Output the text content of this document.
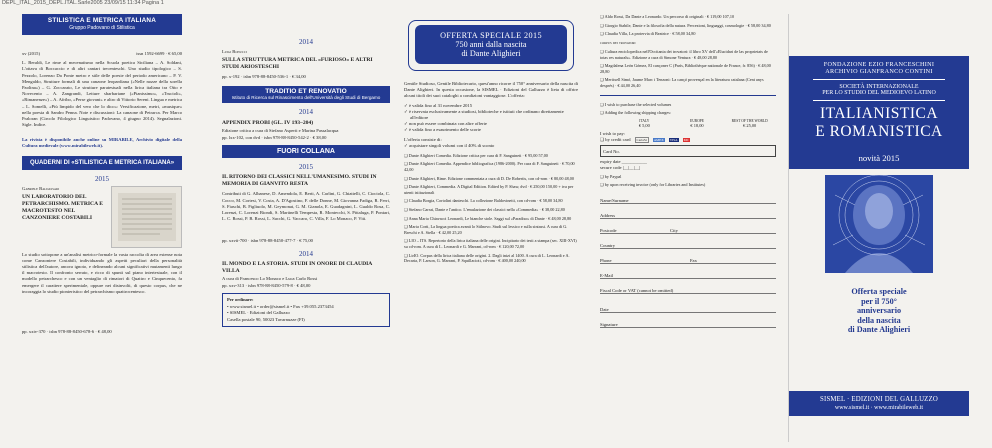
DEPL_ITAL_2015_DEPL.ITAL.Sarle2005 23/09/15 11:34 Pagina 1
STILISTICA E METRICA ITALIANA
Gruppo Padovano di Stilistica
xv (2015)	issn 1592-6699 · € 65,00

L. Beraldi, Le rime al mecenatismo nella Scuola poetica Siciliana – A. Soldani, L'ottava di Boccaccio e di altri cantari trecenteschi. Uno studio tipologico – S. Pezzolo, Lorenzo Da Ponte metro e stile delle poesie del periodo americano – P. V. Mengaldo, Strutture formali di una canzone leopardiana («Nelle nozze della sorella Paolina») – G. Zoccarato, Le strutture paratestuali nella lirica italiana tra Otto e Novecento – A. Zangrandi, Letture sbarbariane («Pianissimo», «Trucioli», «Rimanenze») – A. Afribo, «Perse giovani» e altro di Vittorio Sereni. Lingua e metrica – L. Somelli, «Più limpido del vero che lo dico»: Versificazione, metri, «musique» nella poesia di Sandro Penna. Note e discussioni: La canzone di Petrarca. Per Marco Praloran (Circolo Filologico Linguistico Padovano, 4 giugno 2014). Segnalazioni. Sigle. Indice.

La rivista è disponibile anche online su MIRABILE, Archivio digitale della Cultura medievale (www.mirabileweb.it).

QUADERNI DI «STILISTICA E METRICA ITALIANA»
2015
Gabriele Baldassari
UN LABORATORIO DEL PETRARCHISMO. METRICA E MACROTESTO NEL CANZONIERE COSTABILI

Lo studio sottopone a un'analisi metrico-formale la vasta raccolta di area estense nota come Canzoniere Costabili, individuando gli aspetti peculiari della personalità stilistica dell'autore, ancora ignoto, e delineando alcuni significativi mutamenti lungo il macrotesto. Il confronto serrato, e ricco di spunti sul piano intertestuale, con il modello petrarchesco e con un ventaglio di rimatori di Quattro e Cinquecento, fa emergere il carattere sperimentale, oppure nei disinvolti, di questo corpus, che ne incoraggia lo studio pionieristico del petrarchismo quattrocentesco.

pp. xxiv-370 · isbn 978-88-8450-678-6 · € 48,00

2014
Luigi Bonucci
SULLA STRUTTURA METRICA DEL «FURIOSO» E ALTRI STUDI ARIOSTESCHI
pp. x-192 · isbn 978-88-8450-536-1 · € 34,00
TRADITIO ET RENOVATIO
Istituto di Ricerca sul Rinascimento dell'Università degli Studi di Bergamo
2014
APPENDIX PROBI (GL. IV 193–204)
Edizione critica a cura di Stefano Asperti e Marina Passalacqua
pp. lxx-102, con dvd · isbn 978-88-8450-542-2 · € 38,00
FUORI COLLANA
2015
IL RITORNO DEI CLASSICI NELL'UMANESIMO. STUDI IN MEMORIA DI GIANVITO RESTA

Contributi di G. Albanese, D. Amendola, E. Berti, A. Carlini, G. Chiattelli, C. Ciociola, C. Cocco, M. Cortesi, V. Costa, A. D'Agostino, F. delle Donne, M. Giovanna Fadiga, R. Ferri, S. Fiaschi, B. Figliuolo, M. Geymonat, G. M. Gianola, E. Guadagnini, L. Gualdo Rosa, C. Lorenzi, C. Lorenzi Biondi, S. Martinelli Tempesta, R. Montecchi, S. Pittaluga, P. Pontari, L. C. Rossi, P. B. Rossi, L. Sacchi, G. Vaccaro, C. Villa, F. Lo Monaco, P. Viti.

pp. xxvii-700 · isbn 978-88-8450-477-7 · € 75,00
2014
IL MONDO E LA STORIA. STUDI IN ONORE DI CLAUDIA VILLA
A cura di Francesco Lo Monaco e Luca Carlo Rossi
pp. xxv-313 · isbn 978-88-8450-579-8 · € 48,00
Per ordinare:
• www.sismel.it • order@sismel.it • Fax +39.055.2373454
• SISMEL · Edizioni del Galluzzo
Casella postale 90, 50023 Tavarnuzze (FI)
OFFERTA SPECIALE 2015
750 anni dalla nascita
di Dante Alighieri

Gentile Studioso, Gentile Bibliotecario, quest'anno ricorre il 750° anniversario della nascita di Dante Alighieri. In questa occasione, la SISMEL · Edizioni del Galluzzo è lieta di offrire alcuni titoli dei suoi cataloghi a condizioni vantaggiose. L'offerta:

✓ è valida fino al 31 novembre 2015
✓ è riservata esclusivamente a studiosi, biblioteche e istituti che ordinano direttamente all'editore
✓ non può essere combinata con altre offerte
✓ è valida fino a esaurimento delle scorte
L'offerta consiste di:
✓ acquistare singoli volumi con il 40% di sconto
❑ Dante Alighieri Comedia. Edizione critica per cura di F. Sanguineti · € 95,00 57,00
❑ Dante Alighieri Comedia. Appendice bibliografica (1986-2000). Per cura di F. Sanguineti · € 70,00 42,00
❑ Dante Alighieri, Rime. Edizione commentata a cura di D. De Robertis, con cd-rom · € 80,00 48,00
❑ Dante Alighieri, Commedia. A Digital Edition. Edited by P. Shaw, dvd · € 250,00 150,00 + iva per utenti istituzionali
❑ Claudia Borgia, Cortolini danteschi. La collezione Baldovinetti, con cd-rom · € 58,00 34,80
❑ Stefano Carrai, Dante e l'antico. L'emulazione dei classici nella «Commedia» · € 38,00 22,80
❑ Anna Maria Chiavacci Leonardi, Le bianche stole. Saggi sul «Paradiso» di Dante · € 48,00 28,80
❑ Maria Corti, La lingua poetica avanti lo Stilnovo. Studi sul lessico e sulla sintassi. A cura di G. Breschi e A. Stella · € 42,00 25,20
❑ LIO – ITS. Repertorio della lirica italiana delle origini. Incipitario dei testi a stampa (sec. XIII-XVI) su cd-rom. A cura di L. Leonardi e G. Marrani, cd-rom · € 120,00 72,00
❑ LirIO. Corpus della lirica italiana delle origini. 2. Dagli inizi al 1400. A cura di L. Leonardi e A. Decaria, P. Larson, G. Marrani, P. Squillacioti, cd-rom · € 400,00 240,00
❑ Aldo Rossi, Da Dante a Leonardo. Un percorso di originali · € 119,00 107,10
❑ Giorgio Stabile, Dante e la filosofia della natura. Percezioni, linguaggi, cosmologie · € 58,00 34,80
❑ Claudia Villa, La protervia di Beatrice · € 58,00 34,80
corpus dei trovatori
❑ Cultura enciclopedica nell'Occitania dei trovatori: il libro XV dell'«Elucidari de las proprietats de totas res naturals». Edizione a cura di Simone Ventura · € 48,00 28,80
❑ Magdalena León Gómez, El cançoner C (París, Bibliothèque nationale de France, fr. 856) · € 48,00 28,80
❑ Meritxell Simó, Jaume Marc i Tenzoni: La cançó provençal en la literatura catalana (Cent anys després) · € 44,00 26,40
❑ I wish to purchase the selected volumes
❑ Adding the following shipping charges:
ITALY	EUROPE	REST OF THE WORLD
€ 5,00	€ 18,00	€ 25,00
I wish to pay:
❑ by credit card	CartaSi	AMEX VISA MC
Card No.
expiry date ___________
secure code |__|__|__|
❑ by Paypal
❑ by upon receiving invoice (only for Libraries and Institutes)
Name/Surname
Address
Postcode	City
Country
Phone	Fax
E-Mail
Fiscal Code or VAT (cannot be omitted)
Date
Signature
FONDAZIONE EZIO FRANCESCHINI
ARCHIVIO GIANFRANCO CONTINI
SOCIETÀ INTERNAZIONALE
PER LO STUDIO DEL MEDIOEVO LATINO
ITALIANISTICA
E ROMANISTICA
novità 2015
Offerta speciale
per il 750°
anniversario
della nascita
di Dante Alighieri
SISMEL · EDIZIONI DEL GALLUZZO
www.sismel.it · www.mirabileweb.it
